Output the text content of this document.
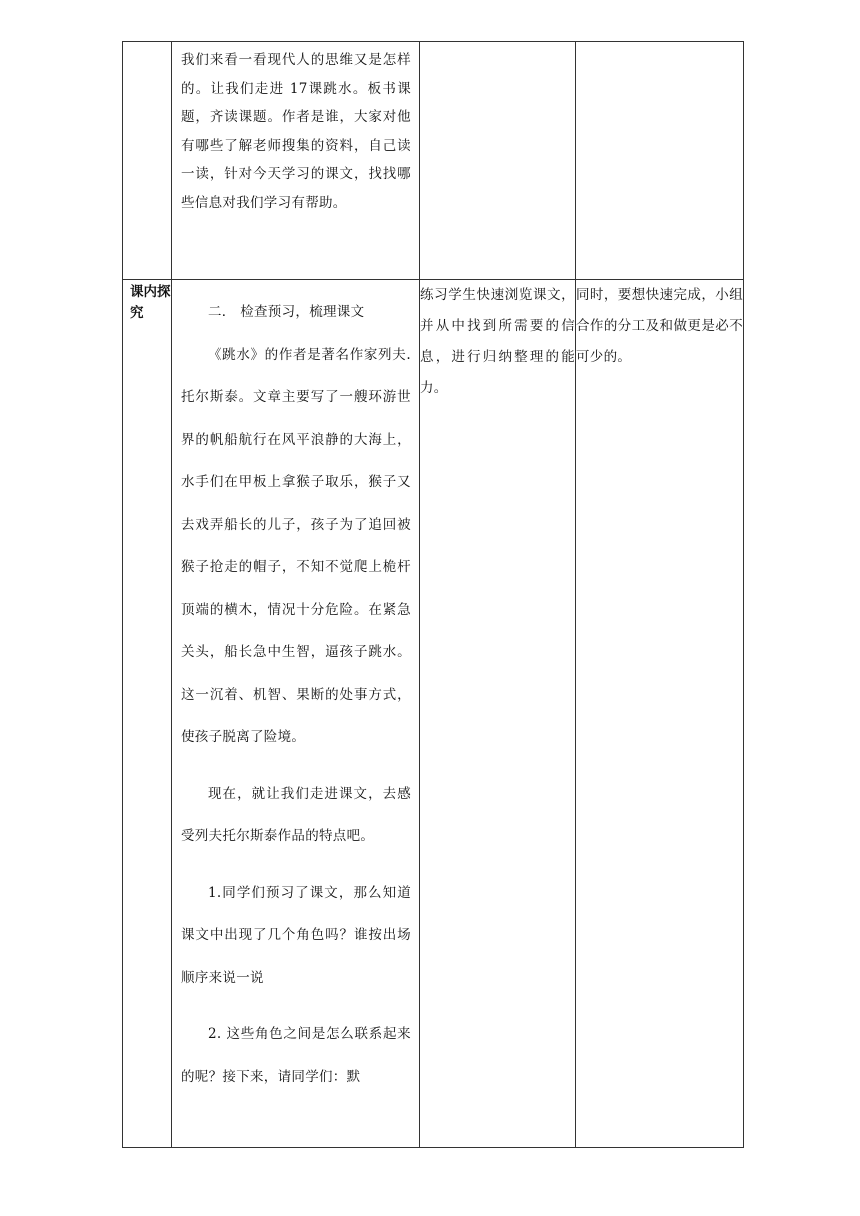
	我们来看一看现代人的思维又是怎样的。让我们走进 17课跳水。板书课题，齐读课题。作者是谁，大家对他有哪些了解老师搜集的资料，自己读一读，针对今天学习的课文，找找哪些信息对我们学习有帮助。		

课内探究	二． 检查预习，梳理课文

《跳水》的作者是著名作家列夫.托尔斯泰。文章主要写了一艘环游世界的帆船航行在风平浪静的大海上，水手们在甲板上拿猴子取乐，猴子又去戏弄船长的儿子，孩子为了追回被猴子抢走的帽子，不知不觉爬上桅杆顶端的横木，情况十分危险。在紧急关头，船长急中生智，逼孩子跳水。这一沉着、机智、果断的处事方式，使孩子脱离了险境。

现在，就让我们走进课文，去感受列夫托尔斯泰作品的特点吧。

1.同学们预习了课文，那么知道课文中出现了几个角色吗？谁按出场顺序来说一说

2. 这些角色之间是怎么联系起来的呢？接下来，请同学们：默	练习学生快速浏览课文，并从中找到所需要的信息，进行归纳整理的能力。	同时，要想快速完成，小组合作的分工及和做更是必不可少的。
